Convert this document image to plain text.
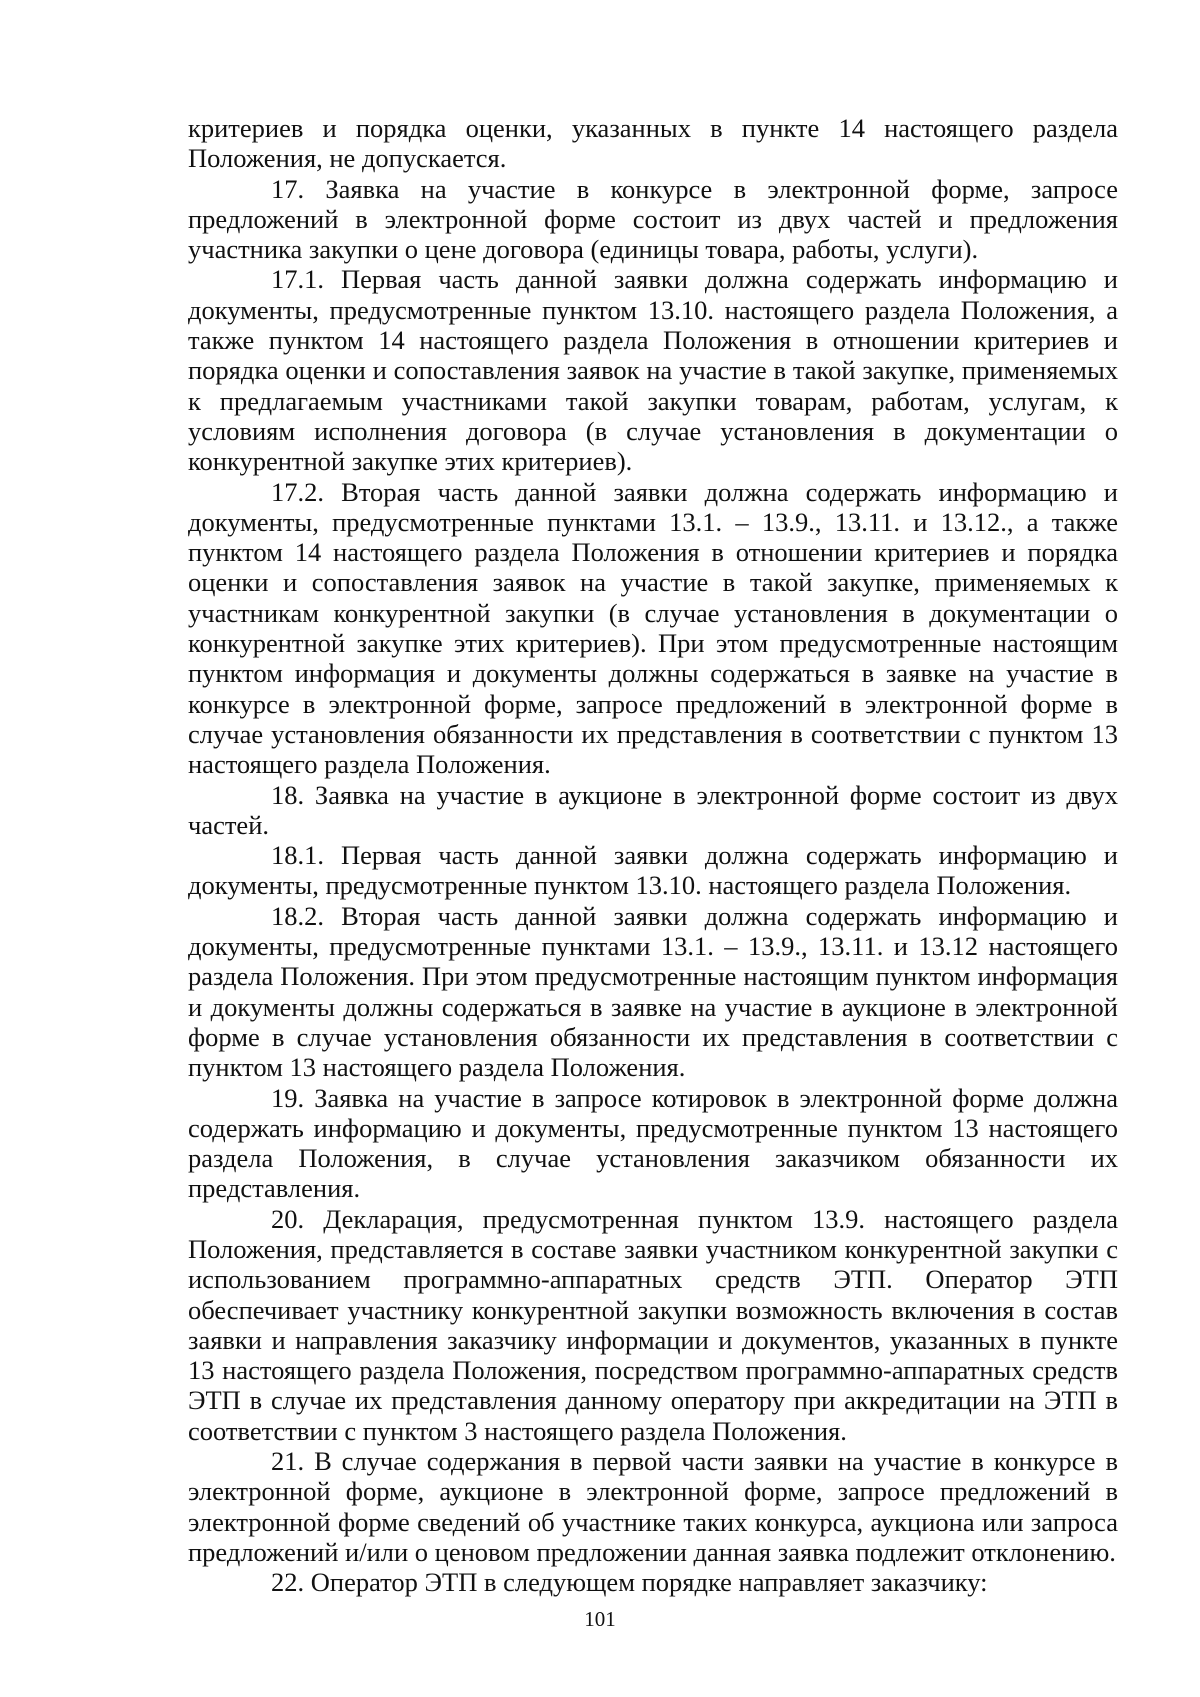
критериев и порядка оценки, указанных в пункте 14 настоящего раздела Положения, не допускается.

17. Заявка на участие в конкурсе в электронной форме, запросе предложений в электронной форме состоит из двух частей и предложения участника закупки о цене договора (единицы товара, работы, услуги).

17.1. Первая часть данной заявки должна содержать информацию и документы, предусмотренные пунктом 13.10. настоящего раздела Положения, а также пунктом 14 настоящего раздела Положения в отношении критериев и порядка оценки и сопоставления заявок на участие в такой закупке, применяемых к предлагаемым участниками такой закупки товарам, работам, услугам, к условиям исполнения договора (в случае установления в документации о конкурентной закупке этих критериев).

17.2. Вторая часть данной заявки должна содержать информацию и документы, предусмотренные пунктами 13.1. – 13.9., 13.11. и 13.12., а также пунктом 14 настоящего раздела Положения в отношении критериев и порядка оценки и сопоставления заявок на участие в такой закупке, применяемых к участникам конкурентной закупки (в случае установления в документации о конкурентной закупке этих критериев). При этом предусмотренные настоящим пунктом информация и документы должны содержаться в заявке на участие в конкурсе в электронной форме, запросе предложений в электронной форме в случае установления обязанности их представления в соответствии с пунктом 13 настоящего раздела Положения.

18. Заявка на участие в аукционе в электронной форме состоит из двух частей.

18.1. Первая часть данной заявки должна содержать информацию и документы, предусмотренные пунктом 13.10. настоящего раздела Положения.

18.2. Вторая часть данной заявки должна содержать информацию и документы, предусмотренные пунктами 13.1. – 13.9., 13.11. и 13.12 настоящего раздела Положения. При этом предусмотренные настоящим пунктом информация и документы должны содержаться в заявке на участие в аукционе в электронной форме в случае установления обязанности их представления в соответствии с пунктом 13 настоящего раздела Положения.

19. Заявка на участие в запросе котировок в электронной форме должна содержать информацию и документы, предусмотренные пунктом 13 настоящего раздела Положения, в случае установления заказчиком обязанности их представления.

20. Декларация, предусмотренная пунктом 13.9. настоящего раздела Положения, представляется в составе заявки участником конкурентной закупки с использованием программно-аппаратных средств ЭТП. Оператор ЭТП обеспечивает участнику конкурентной закупки возможность включения в состав заявки и направления заказчику информации и документов, указанных в пункте 13 настоящего раздела Положения, посредством программно-аппаратных средств ЭТП в случае их представления данному оператору при аккредитации на ЭТП в соответствии с пунктом 3 настоящего раздела Положения.

21. В случае содержания в первой части заявки на участие в конкурсе в электронной форме, аукционе в электронной форме, запросе предложений в электронной форме сведений об участнике таких конкурса, аукциона или запроса предложений и/или о ценовом предложении данная заявка подлежит отклонению.

22. Оператор ЭТП в следующем порядке направляет заказчику:

101
